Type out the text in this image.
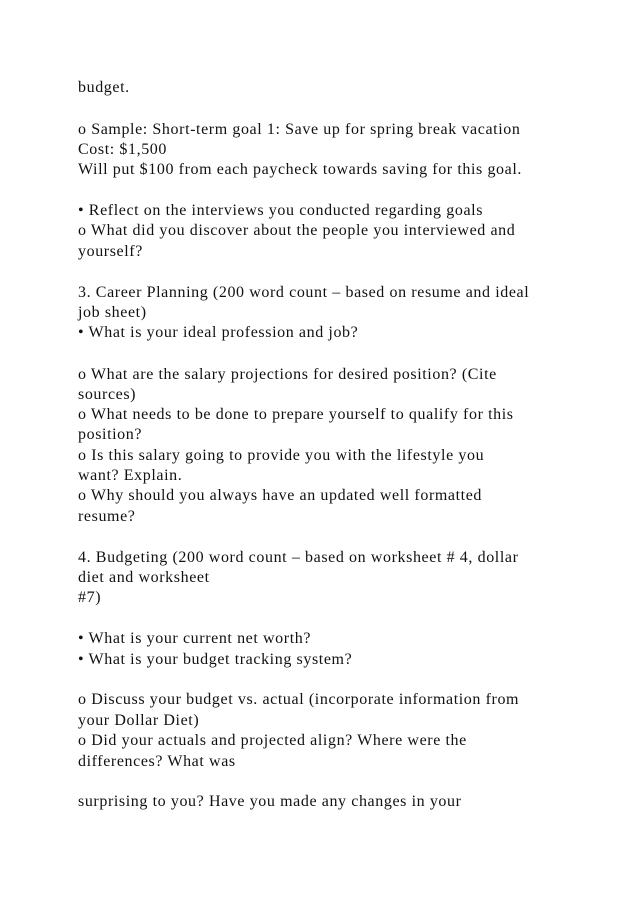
budget.
o Sample: Short-term goal 1: Save up for spring break vacation
Cost: $1,500
Will put $100 from each paycheck towards saving for this goal.
• Reflect on the interviews you conducted regarding goals
o What did you discover about the people you interviewed and
yourself?
3. Career Planning (200 word count – based on resume and ideal
job sheet)
• What is your ideal profession and job?
o What are the salary projections for desired position? (Cite
sources)
o What needs to be done to prepare yourself to qualify for this
position?
o Is this salary going to provide you with the lifestyle you
want? Explain.
o Why should you always have an updated well formatted
resume?
4. Budgeting (200 word count – based on worksheet # 4, dollar
diet and worksheet
#7)
• What is your current net worth?
• What is your budget tracking system?
o Discuss your budget vs. actual (incorporate information from
your Dollar Diet)
o Did your actuals and projected align? Where were the
differences? What was
surprising to you? Have you made any changes in your
